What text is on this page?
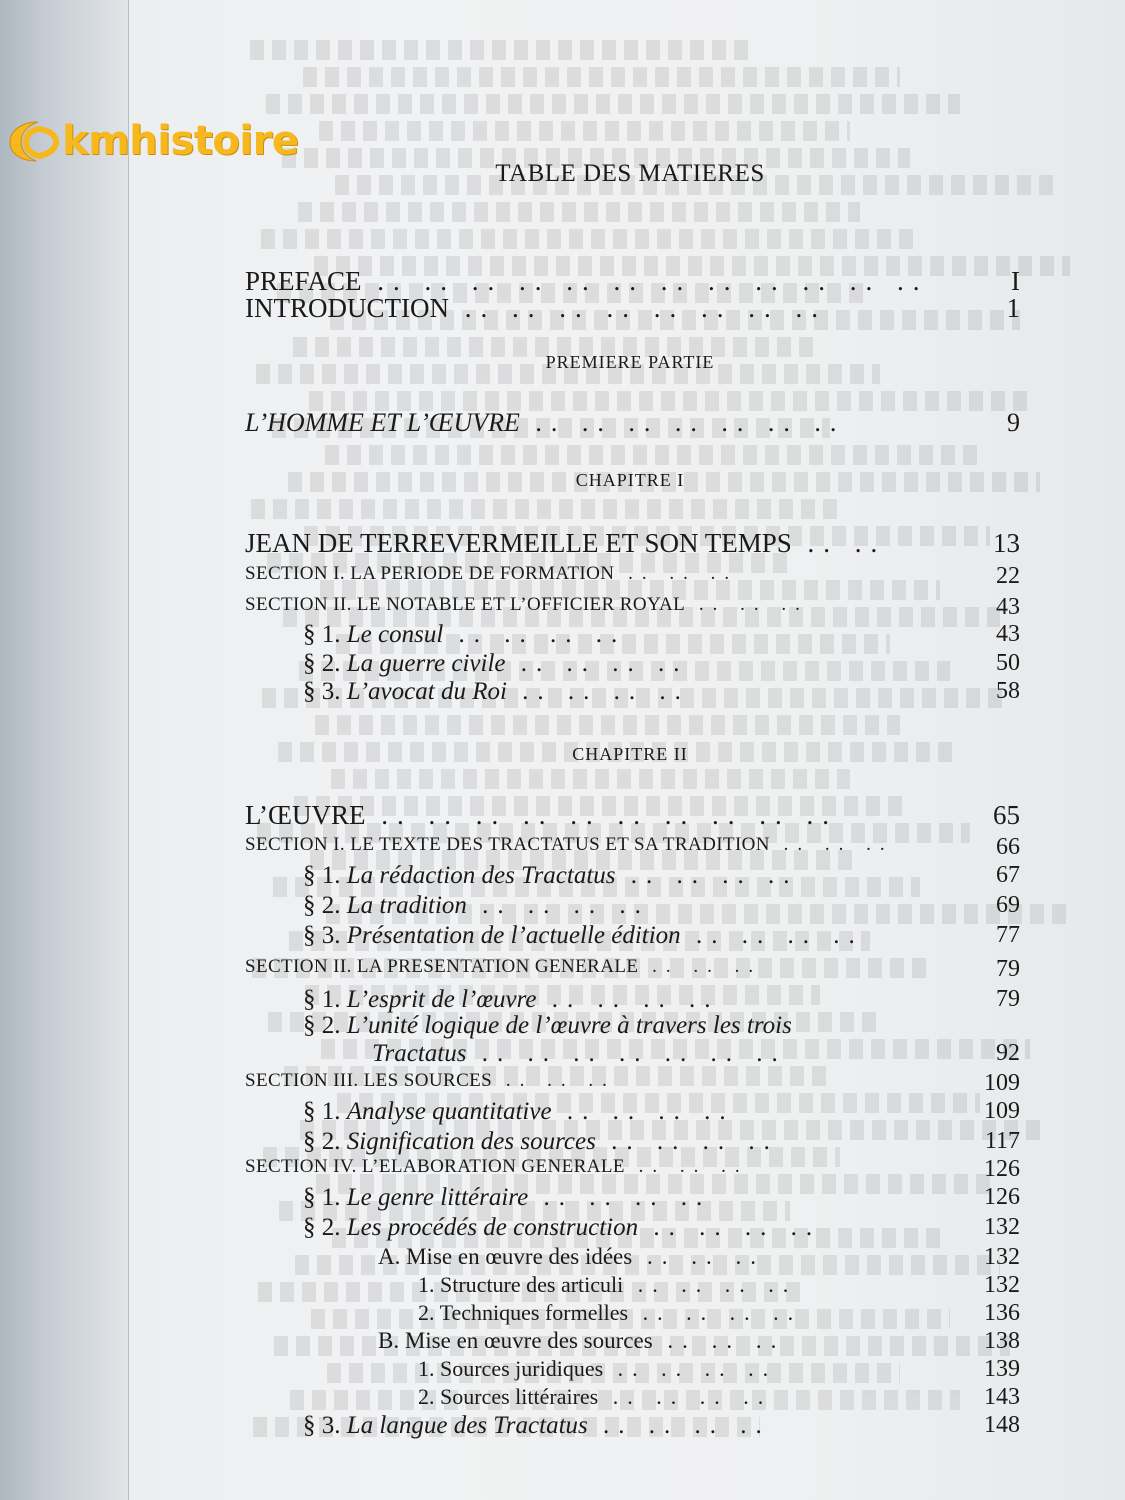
kmhistoire
TABLE DES MATIERES
PREFACE .. .. .. .. .. .. .. .. .. .. .. ..	I
INTRODUCTION .. .. .. .. .. .. .. ..	1
PREMIERE PARTIE
L’HOMME ET L’ŒUVRE .. .. .. .. .. .. ..	9
CHAPITRE I
JEAN DE TERREVERMEILLE ET SON TEMPS .. ..	13
SECTION I. LA PERIODE DE FORMATION .. .. ..	22
SECTION II. LE NOTABLE ET L’OFFICIER ROYAL .. .. ..	43
§ 1. Le consul .. .. .. ..	43
§ 2. La guerre civile .. .. .. ..	50
§ 3. L’avocat du Roi .. .. .. ..	58
CHAPITRE II
L’ŒUVRE .. .. .. .. .. .. .. .. .. ..	65
SECTION I. LE TEXTE DES TRACTATUS ET SA TRADITION .. .. ..	66
§ 1. La rédaction des Tractatus .. .. .. ..	67
§ 2. La tradition .. .. .. ..	69
§ 3. Présentation de l’actuelle édition .. .. .. ..	77
SECTION II. LA PRESENTATION GENERALE .. .. ..	79
§ 1. L’esprit de l’œuvre .. .. .. ..	79
§ 2. L’unité logique de l’œuvre à travers les trois
Tractatus .. .. .. .. .. .. ..	92
SECTION III. LES SOURCES .. .. ..	109
§ 1. Analyse quantitative .. .. .. ..	109
§ 2. Signification des sources .. .. .. ..	117
SECTION IV. L’ELABORATION GENERALE .. .. ..	126
§ 1. Le genre littéraire .. .. .. ..	126
§ 2. Les procédés de construction .. .. .. ..	132
A. Mise en œuvre des idées .. .. ..	132
1. Structure des articuli .. .. .. ..	132
2. Techniques formelles .. .. .. ..	136
B. Mise en œuvre des sources .. .. ..	138
1. Sources juridiques .. .. .. ..	139
2. Sources littéraires .. .. .. ..	143
§ 3. La langue des Tractatus .. .. .. ..	148
